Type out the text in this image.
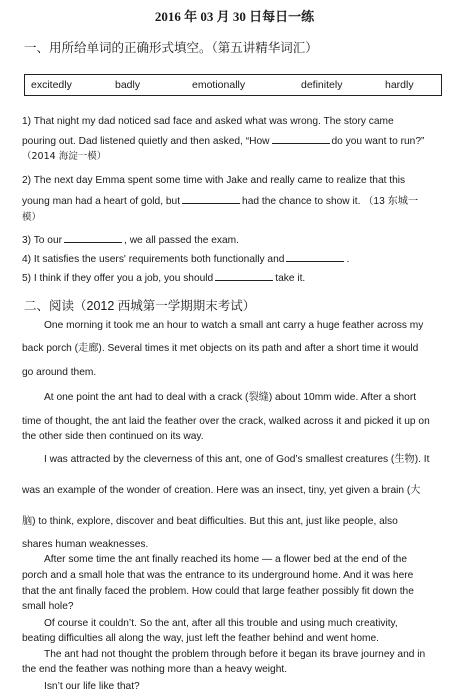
2016 年 03 月 30 日每日一练
一、用所给单词的正确形式填空。（第五讲精华词汇）
excitedly	badly	emotionally	definitely	hardly
1) That night my dad noticed sad face and asked what was wrong. The story came
pouring out. Dad listened quietly and then asked, “How	do you want to run?”
（2014 海淀一模）
2) The next day Emma spent some time with Jake and really came to realize that this
young man had a heart of gold, but	had the chance to show it. （13 东城一
模）
3) To our	, we all passed the exam.
4) It satisfies the users' requirements both functionally and	.
5) I think if they offer you a job, you should	take it.
二、阅读（2012 西城第一学期期末考试）
One morning it took me an hour to watch a small ant carry a huge feather across my
back porch (走廊). Several times it met objects on its path and after a short time it would
go around them.
At one point the ant had to deal with a crack (裂缝) about 10mm wide. After a short
time of thought, the ant laid the feather over the crack, walked across it and picked it up on
the other side then continued on its way.
I was attracted by the cleverness of this ant, one of God’s smallest creatures (生物). It
was an example of the wonder of creation. Here was an insect, tiny, yet given a brain (大
脑) to think, explore, discover and beat difficulties. But this ant, just like people, also
shares human weaknesses.
After some time the ant finally reached its home — a flower bed at the end of the
porch and a small hole that was the entrance to its underground home. And it was here
that the ant finally faced the problem. How could that large feather possibly fit down the
small hole?
Of course it couldn’t. So the ant, after all this trouble and using much creativity,
beating difficulties all along the way, just left the feather behind and went home.
The ant had not thought the problem through before it began its brave journey and in
the end the feather was nothing more than a heavy weight.
Isn’t our life like that?
